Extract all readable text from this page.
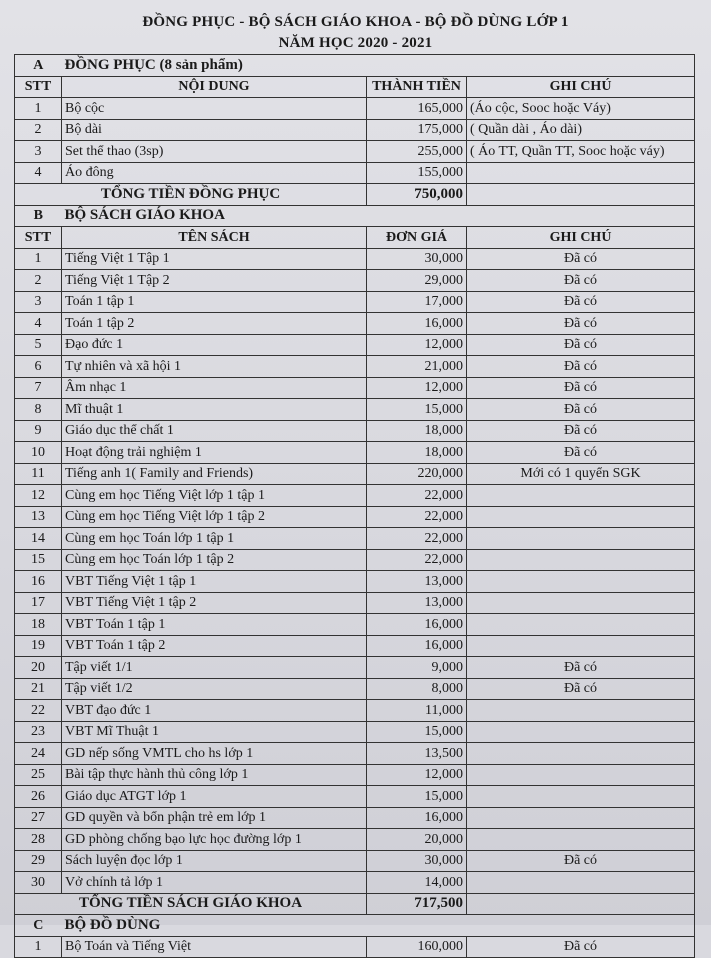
ĐỒNG PHỤC - BỘ SÁCH GIÁO KHOA - BỘ ĐỒ DÙNG LỚP 1
NĂM HỌC 2020 - 2021
A	ĐỒNG PHỤC (8 sản phẩm)		
STT	NỘI DUNG	THÀNH TIỀN	GHI CHÚ
1	Bộ cộc	165,000	(Áo cộc, Sooc hoặc Váy)
2	Bộ dài	175,000	( Quần dài , Áo dài)
3	Set thể thao (3sp)	255,000	( Áo TT, Quần TT, Sooc hoặc váy)
4	Áo đông	155,000	
TỔNG TIỀN ĐỒNG PHỤC		750,000	
B	BỘ SÁCH GIÁO KHOA		
STT	TÊN SÁCH	ĐƠN GIÁ	GHI CHÚ
1	Tiếng Việt 1 Tập 1	30,000	Đã có
2	Tiếng Việt 1 Tập 2	29,000	Đã có
3	Toán 1 tập 1	17,000	Đã có
4	Toán 1 tập 2	16,000	Đã có
5	Đạo đức 1	12,000	Đã có
6	Tự nhiên và xã hội 1	21,000	Đã có
7	Âm nhạc 1	12,000	Đã có
8	Mĩ thuật 1	15,000	Đã có
9	Giáo dục thể chất 1	18,000	Đã có
10	Hoạt động trải nghiệm 1	18,000	Đã có
11	Tiếng anh 1( Family and Friends)	220,000	Mới có 1 quyển SGK
12	Cùng em học Tiếng Việt lớp 1 tập 1	22,000	
13	Cùng em học Tiếng Việt lớp 1 tập 2	22,000	
14	Cùng em học Toán lớp 1 tập 1	22,000	
15	Cùng em học Toán lớp 1 tập 2	22,000	
16	VBT Tiếng Việt 1 tập 1	13,000	
17	VBT Tiếng Việt 1 tập 2	13,000	
18	VBT Toán 1 tập 1	16,000	
19	VBT Toán 1 tập 2	16,000	
20	Tập viết 1/1	9,000	Đã có
21	Tập viết 1/2	8,000	Đã có
22	VBT đạo đức 1	11,000	
23	VBT Mĩ Thuật 1	15,000	
24	GD nếp sống VMTL cho hs lớp 1	13,500	
25	Bài tập thực hành thủ công lớp 1	12,000	
26	Giáo dục ATGT lớp 1	15,000	
27	GD quyền và bổn phận trẻ em lớp 1	16,000	
28	GD phòng chống bạo lực học đường lớp 1	20,000	
29	Sách luyện đọc lớp 1	30,000	Đã có
30	Vở chính tả lớp 1	14,000	
TỔNG TIỀN SÁCH GIÁO KHOA		717,500	
C	BỘ ĐỒ DÙNG		
1	Bộ Toán và Tiếng Việt	160,000	Đã có
